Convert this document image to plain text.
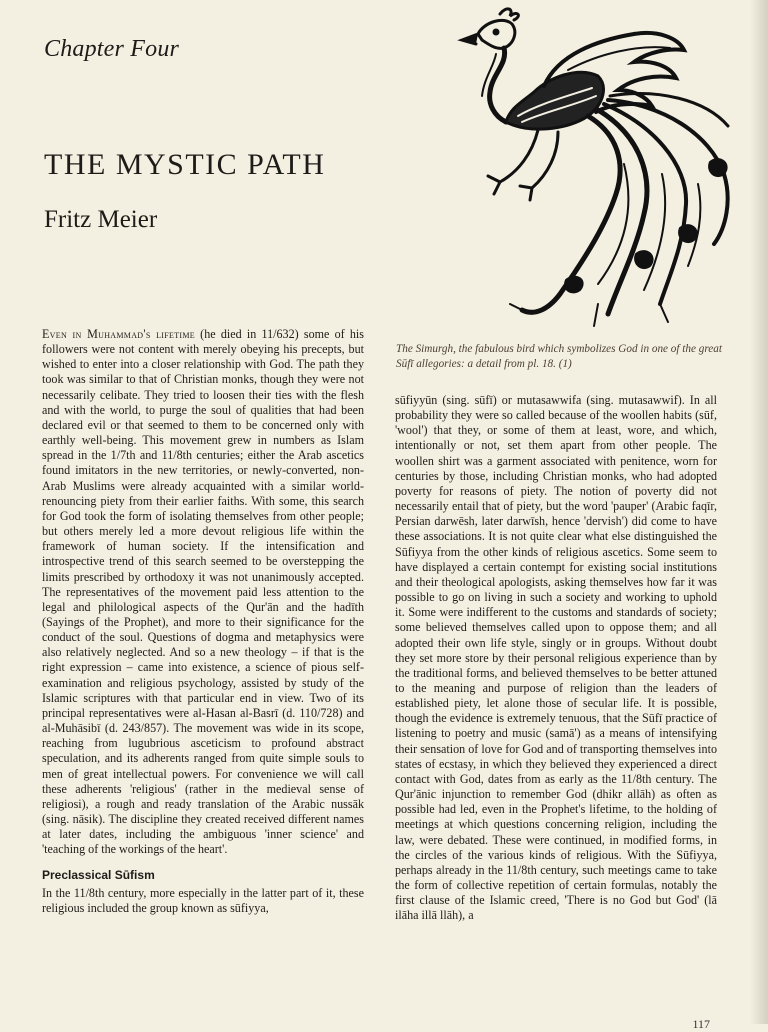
Chapter Four
THE MYSTIC PATH
Fritz Meier
The Simurgh, the fabulous bird which symbolizes God in one of the great Sūfī allegories: a detail from pl. 18. (1)

Even in Muhammad's lifetime (he died in 11/632) some of his followers were not content with merely obeying his precepts, but wished to enter into a closer relationship with God. The path they took was similar to that of Christian monks, though they were not necessarily celibate. They tried to loosen their ties with the flesh and with the world, to purge the soul of qualities that had been declared evil or that seemed to them to be concerned only with earthly well-being. This movement grew in numbers as Islam spread in the 1/7th and 11/8th centuries; either the Arab ascetics found imitators in the new territories, or newly-converted, non-Arab Muslims were already acquainted with a similar world-renouncing piety from their earlier faiths. With some, this search for God took the form of isolating themselves from other people; but others merely led a more devout religious life within the framework of human society. If the intensification and introspective trend of this search seemed to be overstepping the limits prescribed by orthodoxy it was not unanimously accepted. The representatives of the movement paid less attention to the legal and philological aspects of the Qur'ān and the hadīth (Sayings of the Prophet), and more to their significance for the conduct of the soul. Questions of dogma and metaphysics were also relatively neglected. And so a new theology – if that is the right expression – came into existence, a science of pious self-examination and religious psychology, assisted by study of the Islamic scriptures with that particular end in view. Two of its principal representatives were al-Hasan al-Basrī (d. 110/728) and al-Muhāsibī (d. 243/857). The movement was wide in its scope, reaching from lugubrious asceticism to profound abstract speculation, and its adherents ranged from quite simple souls to men of great intellectual powers. For convenience we will call these adherents 'religious' (rather in the medieval sense of religiosi), a rough and ready translation of the Arabic nussāk (sing. nāsik). The discipline they created received different names at later dates, including the ambiguous 'inner science' and 'teaching of the workings of the heart'.

Preclassical Sūfism

In the 11/8th century, more especially in the latter part of it, these religious included the group known as sūfiyya,

sūfiyyūn (sing. sūfī) or mutasawwifa (sing. mutasawwif). In all probability they were so called because of the woollen habits (sūf, 'wool') that they, or some of them at least, wore, and which, intentionally or not, set them apart from other people. The woollen shirt was a garment associated with penitence, worn for centuries by those, including Christian monks, who had adopted poverty for reasons of piety. The notion of poverty did not necessarily entail that of piety, but the word 'pauper' (Arabic faqīr, Persian darwēsh, later darwīsh, hence 'dervish') did come to have these associations. It is not quite clear what else distinguished the Sūfiyya from the other kinds of religious ascetics. Some seem to have displayed a certain contempt for existing social institutions and their theological apologists, asking themselves how far it was possible to go on living in such a society and working to uphold it. Some were indifferent to the customs and standards of society; some believed themselves called upon to oppose them; and all adopted their own life style, singly or in groups. Without doubt they set more store by their personal religious experience than by the traditional forms, and believed themselves to be better attuned to the meaning and purpose of religion than the leaders of established piety, let alone those of secular life. It is possible, though the evidence is extremely tenuous, that the Sūfī practice of listening to poetry and music (samā') as a means of intensifying their sensation of love for God and of transporting themselves into states of ecstasy, in which they believed they experienced a direct contact with God, dates from as early as the 11/8th century. The Qur'ānic injunction to remember God (dhikr allāh) as often as possible had led, even in the Prophet's lifetime, to the holding of meetings at which questions concerning religion, including the law, were debated. These were continued, in modified forms, in the circles of the various kinds of religious. With the Sūfiyya, perhaps already in the 11/8th century, such meetings came to take the form of collective repetition of certain formulas, notably the first clause of the Islamic creed, 'There is no God but God' (lā ilāha illā llāh), a

117
